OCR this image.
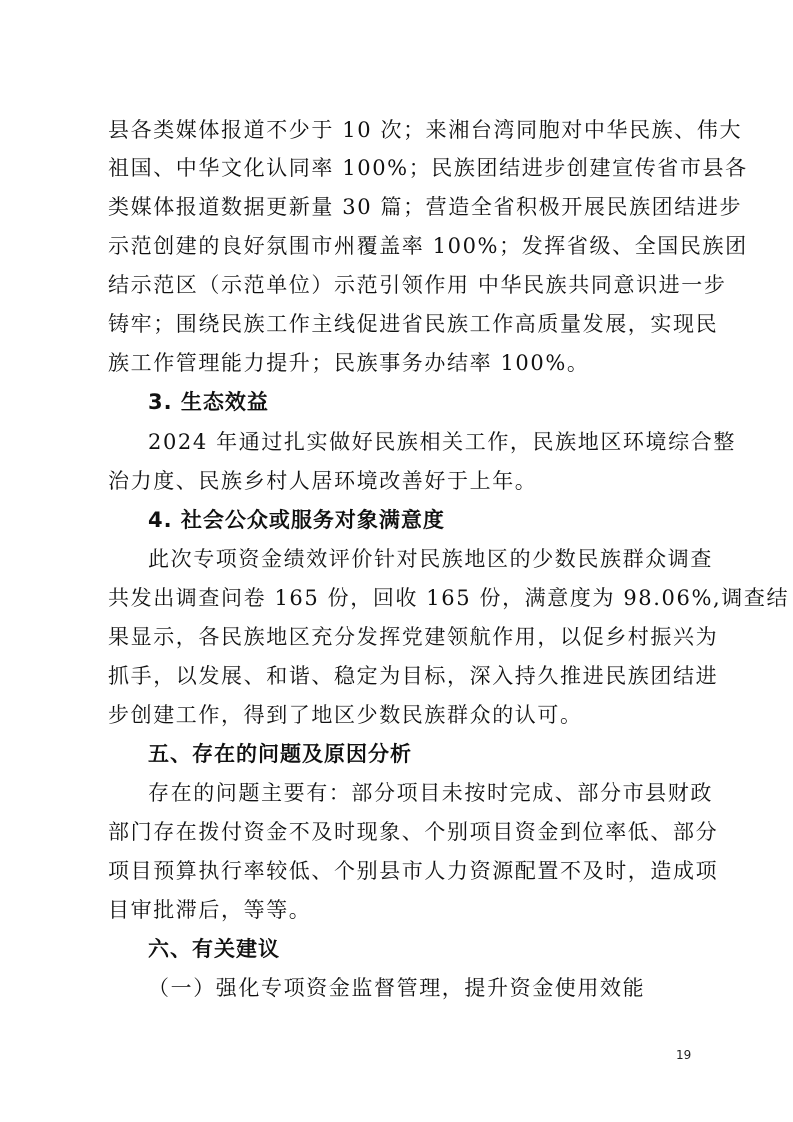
县各类媒体报道不少于 10 次；来湘台湾同胞对中华民族、伟大
祖国、中华文化认同率 100%；民族团结进步创建宣传省市县各
类媒体报道数据更新量 30 篇；营造全省积极开展民族团结进步
示范创建的良好氛围市州覆盖率 100%；发挥省级、全国民族团
结示范区（示范单位）示范引领作用 中华民族共同意识进一步
铸牢；围绕民族工作主线促进省民族工作高质量发展，实现民
族工作管理能力提升；民族事务办结率 100%。
3. 生态效益
2024 年通过扎实做好民族相关工作，民族地区环境综合整
治力度、民族乡村人居环境改善好于上年。
4. 社会公众或服务对象满意度
此次专项资金绩效评价针对民族地区的少数民族群众调查
共发出调查问卷 165 份，回收 165 份，满意度为 98.06%,调查结
果显示，各民族地区充分发挥党建领航作用，以促乡村振兴为
抓手，以发展、和谐、稳定为目标，深入持久推进民族团结进
步创建工作，得到了地区少数民族群众的认可。
五、存在的问题及原因分析
存在的问题主要有：部分项目未按时完成、部分市县财政
部门存在拨付资金不及时现象、个别项目资金到位率低、部分
项目预算执行率较低、个别县市人力资源配置不及时，造成项
目审批滞后，等等。
六、有关建议
（一）强化专项资金监督管理，提升资金使用效能
19
